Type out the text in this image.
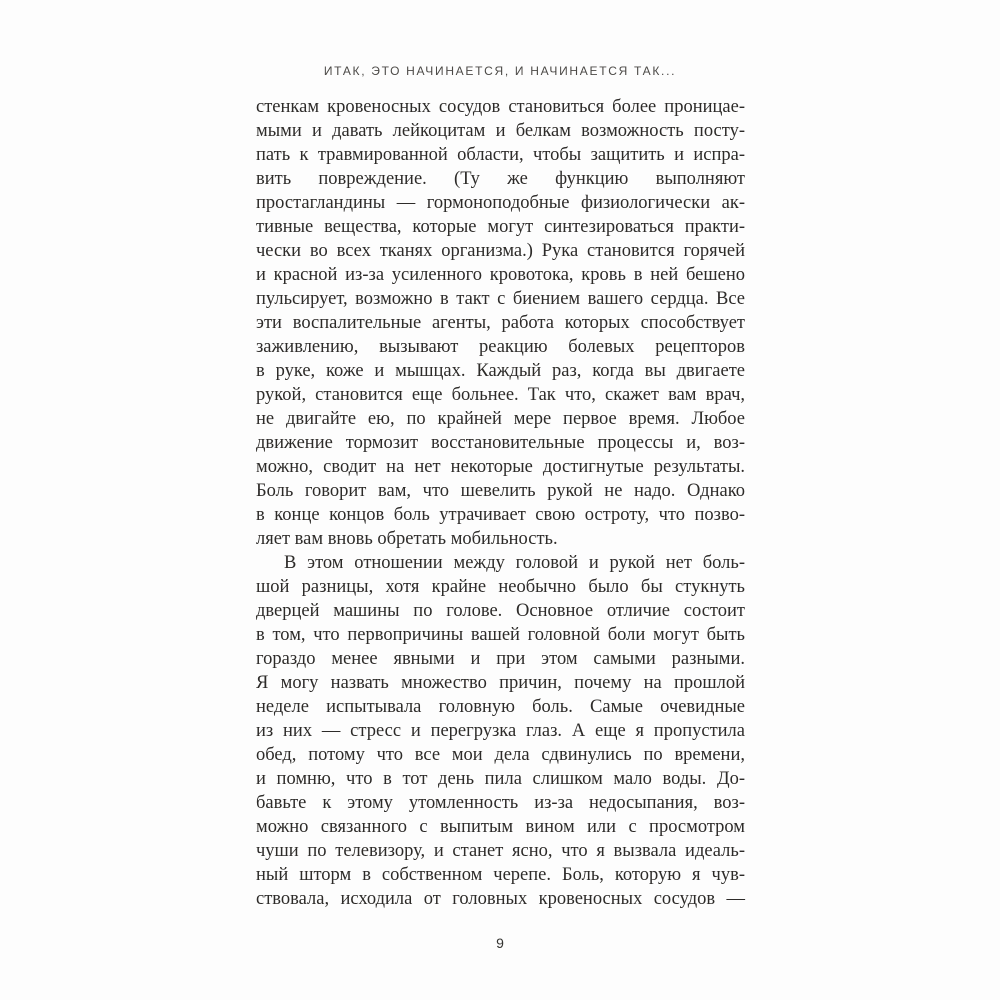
ИТАК, ЭТО НАЧИНАЕТСЯ, И НАЧИНАЕТСЯ ТАК...
стенкам кровеносных сосудов становиться более проницае-
мыми и давать лейкоцитам и белкам возможность посту-
пать к травмированной области, чтобы защитить и испра-
вить повреждение. (Ту же функцию выполняют
простагландины — гормоноподобные физиологически ак-
тивные вещества, которые могут синтезироваться практи-
чески во всех тканях организма.) Рука становится горячей
и красной из-за усиленного кровотока, кровь в ней бешено
пульсирует, возможно в такт с биением вашего сердца. Все
эти воспалительные агенты, работа которых способствует
заживлению, вызывают реакцию болевых рецепторов
в руке, коже и мышцах. Каждый раз, когда вы двигаете
рукой, становится еще больнее. Так что, скажет вам врач,
не двигайте ею, по крайней мере первое время. Любое
движение тормозит восстановительные процессы и, воз-
можно, сводит на нет некоторые достигнутые результаты.
Боль говорит вам, что шевелить рукой не надо. Однако
в конце концов боль утрачивает свою остроту, что позво-
ляет вам вновь обретать мобильность.
В этом отношении между головой и рукой нет боль-
шой разницы, хотя крайне необычно было бы стукнуть
дверцей машины по голове. Основное отличие состоит
в том, что первопричины вашей головной боли могут быть
гораздо менее явными и при этом самыми разными.
Я могу назвать множество причин, почему на прошлой
неделе испытывала головную боль. Самые очевидные
из них — стресс и перегрузка глаз. А еще я пропустила
обед, потому что все мои дела сдвинулись по времени,
и помню, что в тот день пила слишком мало воды. До-
бавьте к этому утомленность из-за недосыпания, воз-
можно связанного с выпитым вином или с просмотром
чуши по телевизору, и станет ясно, что я вызвала идеаль-
ный шторм в собственном черепе. Боль, которую я чув-
ствовала, исходила от головных кровеносных сосудов —
9
